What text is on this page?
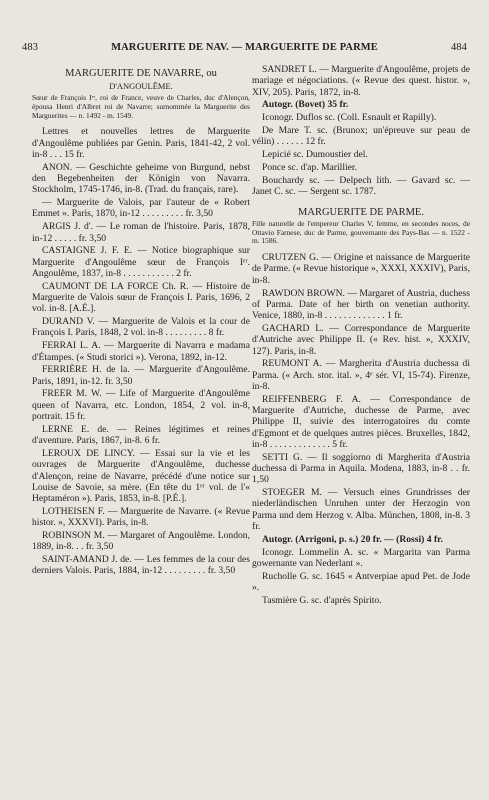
483	MARGUERITE DE NAV. — MARGUERITE DE PARME	484
MARGUERITE DE NAVARRE, ou
D'ANGOULÊME.
Sœur de François Iᵉʳ, roi de France, veuve de Charles, duc d'Alençon, épousa Henri d'Albret roi de Navarre; surnommée la Marguerite des Marguerites — n. 1492 - m. 1549.
Lettres et nouvelles lettres de Marguerite d'Angoulême publiées par Genin. Paris, 1841-42, 2 vol. in-8 . . . 15 fr.
ANON. — Geschichte geheime von Burgund, nebst den Begebenheiten der Königin von Navarra. Stockholm, 1745-1746, in-8. (Trad. du français, rare).
— Marguerite de Valois, par l'auteur de « Robert Emmet ». Paris, 1870, in-12 . . . . . . . . . fr. 3,50
ARGIS J. d'. — Le roman de l'histoire. Paris, 1878, in-12 . . . . . fr. 3,50
CASTAIGNE J. F. E. — Notice biographique sur Marguerite d'Angoulême sœur de François Iᵉʳ. Angoulême, 1837, in-8 . . . . . . . . . . . 2 fr.
CAUMONT DE LA FORCE Ch. R. — Histoire de Marguerite de Valois sœur de François I. Paris, 1696, 2 vol. in-8. [A.É.].
DURAND V. — Marguerite de Valois et la cour de François I. Paris, 1848, 2 vol. in-8 . . . . . . . . . 8 fr.
FERRAI L. A. — Marguerite di Navarra e madama d'Étampes. (« Studi storici »). Verona, 1892, in-12.
FERRIÈRE H. de la. — Marguerite d'Angoulême. Paris, 1891, in-12. fr. 3,50
FREER M. W. — Life of Marguerite d'Angoulême queen of Navarra, etc. London, 1854, 2 vol. in-8, portrait. 15 fr.
LERNE E. de. — Reines légitimes et reines d'aventure. Paris, 1867, in-8. 6 fr.
LEROUX DE LINCY. — Essai sur la vie et les ouvrages de Marguerite d'Angoulême, duchesse d'Alençon, reine de Navarre, précédé d'une notice sur Louise de Savoie, sa mère. (En tête du 1ᵉʳ vol. de l'« Heptaméron »). Paris, 1853, in-8. [P.É.].
LOTHEISEN F. — Marguerite de Navarre. (« Revue histor. », XXXVI). Paris, in-8.
ROBINSON M. — Margaret of Angoulême. London, 1889, in-8. . . fr. 3,50
SAINT-AMAND J. de. — Les femmes de la cour des derniers Valois. Paris, 1884, in-12 . . . . . . . . . fr. 3,50
SANDRET L. — Marguerite d'Angoulême, projets de mariage et négociations. (« Revue des quest. histor. », XIV, 205). Paris, 1872, in-8.
Autogr. (Bovet) 35 fr.
Iconogr. Duflos sc. (Coll. Esnault et Rapilly).
De Mare T. sc. (Brunox; un'épreuve sur peau de vélin) . . . . . . 12 fr.
Lepicié sc. Dumoustier del.
Ponce sc. d'ap. Marillier.
Bouchardy sc. — Delpech lith. — Gavard sc. — Janet C. sc. — Sergent sc. 1787.
MARGUERITE DE PARME.
Fille naturelle de l'empereur Charles V, femme, en secondes noces, de Ottavio Farnese, duc de Parme, gouvernante des Pays-Bas — n. 1522 - m. 1586.
CRUTZEN G. — Origine et naissance de Marguerite de Parme. (« Revue historique », XXXI, XXXIV), Paris, in-8.
RAWDON BROWN. — Margaret of Austria, duchess of Parma. Date of her birth on venetian authority. Venice, 1880, in-8 . . . . . . . . . . . . . 1 fr.
GACHARD L. — Correspondance de Marguerite d'Autriche avec Philippe II. (« Rev. hist. », XXXIV, 127). Paris, in-8.
REUMONT A. — Margherita d'Austria duchessa di Parma. (« Arch. stor. ital. », 4ᵉ sér. VI, 15-74). Firenze, in-8.
REIFFENBERG F. A. — Correspondance de Marguerite d'Autriche, duchesse de Parme, avec Philippe II, suivie des interrogatoires du comte d'Egmont et de quelques autres pièces. Bruxelles, 1842, in-8 . . . . . . . . . . . . . 5 fr.
SETTI G. — Il soggiorno di Margherita d'Austria duchessa di Parma in Aquila. Modena, 1883, in-8 . . fr. 1,50
STOEGER M. — Versuch eines Grundrisses der niederländischen Unruhen unter der Herzogin von Parma und dem Herzog v. Alba. München, 1808, in-8. 3 fr.
Autogr. (Arrigoni, p. s.) 20 fr. — (Rossi) 4 fr.
Iconogr. Lommelin A. sc. « Margarita van Parma gowernante van Nederlant ».
Rucholle G. sc. 1645 « Antverpiae apud Pet. de Jode ».
Tasmière G. sc. d'après Spirito.
